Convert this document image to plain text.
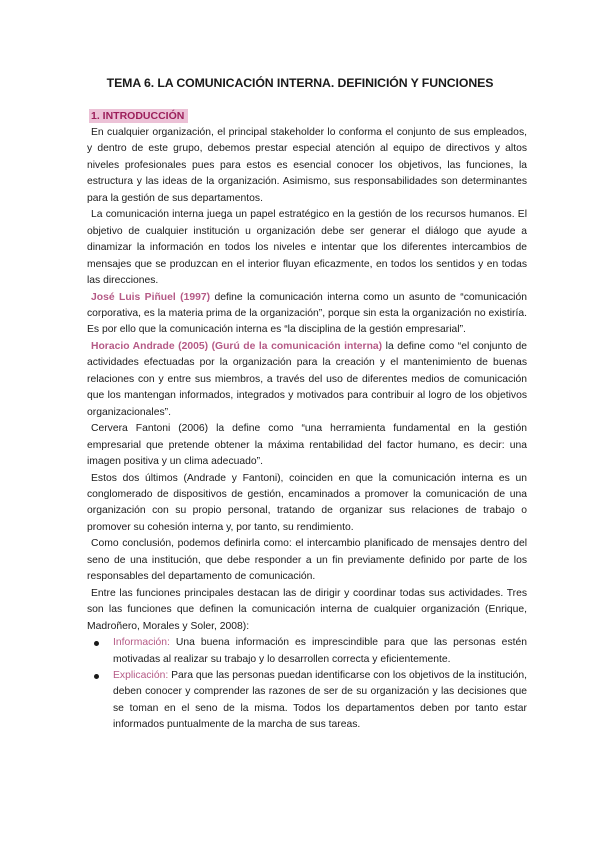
TEMA 6. LA COMUNICACIÓN INTERNA. DEFINICIÓN Y FUNCIONES
1. INTRODUCCIÓN

En cualquier organización, el principal stakeholder lo conforma el conjunto de sus empleados, y dentro de este grupo, debemos prestar especial atención al equipo de directivos y altos niveles profesionales pues para estos es esencial conocer los objetivos, las funciones, la estructura y las ideas de la organización. Asimismo, sus responsabilidades son determinantes para la gestión de sus departamentos.

La comunicación interna juega un papel estratégico en la gestión de los recursos humanos. El objetivo de cualquier institución u organización debe ser generar el diálogo que ayude a dinamizar la información en todos los niveles e intentar que los diferentes intercambios de mensajes que se produzcan en el interior fluyan eficazmente, en todos los sentidos y en todas las direcciones.

José Luis Piñuel (1997) define la comunicación interna como un asunto de “comunicación corporativa, es la materia prima de la organización”, porque sin esta la organización no existiría. Es por ello que la comunicación interna es “la disciplina de la gestión empresarial”.

Horacio Andrade (2005) (Gurú de la comunicación interna) la define como “el conjunto de actividades efectuadas por la organización para la creación y el mantenimiento de buenas relaciones con y entre sus miembros, a través del uso de diferentes medios de comunicación que los mantengan informados, integrados y motivados para contribuir al logro de los objetivos organizacionales”.

Cervera Fantoni (2006) la define como “una herramienta fundamental en la gestión empresarial que pretende obtener la máxima rentabilidad del factor humano, es decir: una imagen positiva y un clima adecuado”.

Estos dos últimos (Andrade y Fantoni), coinciden en que la comunicación interna es un conglomerado de dispositivos de gestión, encaminados a promover la comunicación de una organización con su propio personal, tratando de organizar sus relaciones de trabajo o promover su cohesión interna y, por tanto, su rendimiento.

Como conclusión, podemos definirla como: el intercambio planificado de mensajes dentro del seno de una institución, que debe responder a un fin previamente definido por parte de los responsables del departamento de comunicación.

Entre las funciones principales destacan las de dirigir y coordinar todas sus actividades. Tres son las funciones que definen la comunicación interna de cualquier organización (Enrique, Madroñero, Morales y Soler, 2008):

Información: Una buena información es imprescindible para que las personas estén motivadas al realizar su trabajo y lo desarrollen correcta y eficientemente.
Explicación: Para que las personas puedan identificarse con los objetivos de la institución, deben conocer y comprender las razones de ser de su organización y las decisiones que se toman en el seno de la misma. Todos los departamentos deben por tanto estar informados puntualmente de la marcha de sus tareas.
